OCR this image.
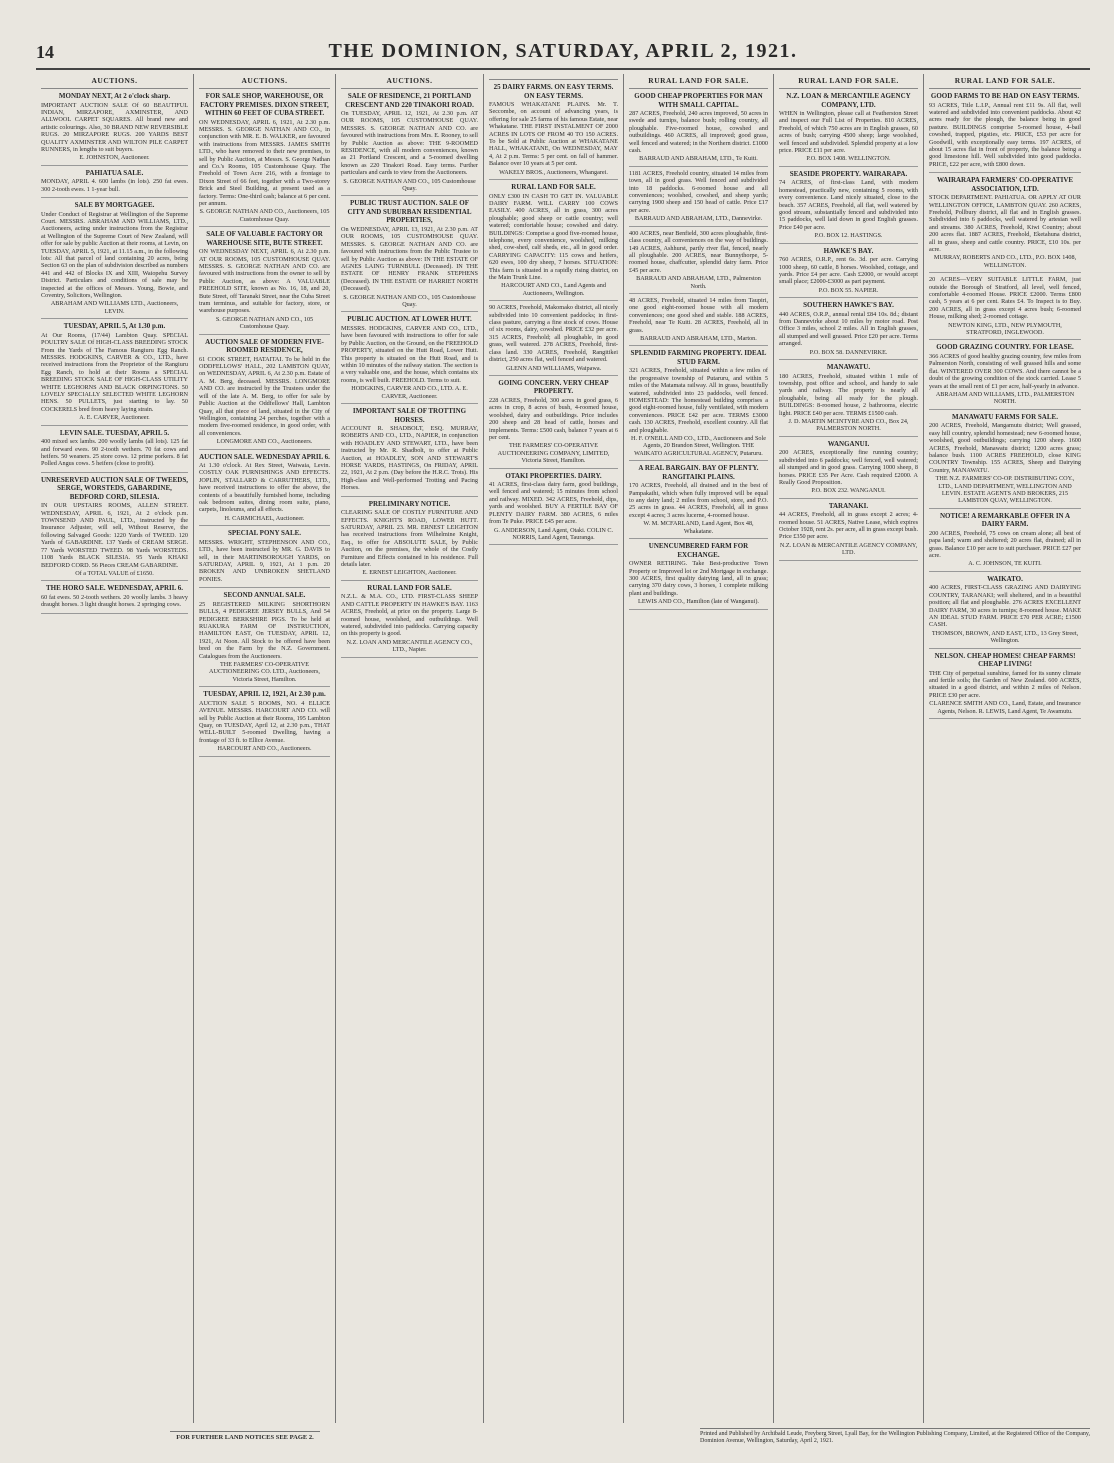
14	THE DOMINION, SATURDAY, APRIL 2, 1921.
AUCTIONS.
MONDAY NEXT, At 2 o'clock sharp.
IMPORTANT AUCTION SALE Of 60 BEAUTIFUL INDIAN, MIRZAPORE, AXMINSTER, AND ALLWOOL CARPET SQUARES. All brand new and artistic colourings. Also, 30 BRAND NEW REVERSIBLE RUGS. 20 MIRZAPORE RUGS. 200 YARDS BEST QUALITY AXMINSTER AND WILTON PILE CARPET RUNNERS, in lengths to suit buyers.
E. JOHNSTON, Auctioneer.
PAHIATUA SALE.
MONDAY, APRIL 4. 600 lambs (in lots). 250 fat ewes. 300 2-tooth ewes. 1 1-year bull.
SALE BY MORTGAGEE.
Under Conduct of Registrar at Wellington of the Supreme Court. MESSRS. ABRAHAM AND WILLIAMS, LTD., Auctioneers, acting under instructions from the Registrar at Wellington of the Supreme Court of New Zealand, will offer for sale by public Auction at their rooms, at Levin, on TUESDAY, APRIL 5, 1921, at 11.15 a.m., in the following lots: All that parcel of land containing 20 acres, being Section 63 on the plan of subdivision described as numbers 441 and 442 of Blocks IX and XIII, Waiopehu Survey District. Particulars and conditions of sale may be inspected at the offices of Messrs. Young, Bowie, and Coventry, Solicitors, Wellington.
ABRAHAM AND WILLIAMS LTD., Auctioneers, LEVIN.
TUESDAY, APRIL 5, At 1.30 p.m.
At Our Rooms, (17/44) Lambton Quay. SPECIAL POULTRY SALE Of HIGH-CLASS BREEDING STOCK From the Yards of The Famous Rangiuru Egg Ranch. MESSRS. HODGKINS, CARVER & CO., LTD., have received instructions from the Proprietor of the Rangiuru Egg Ranch, to hold at their Rooms a SPECIAL BREEDING STOCK SALE OF HIGH-CLASS UTILITY WHITE LEGHORNS AND BLACK ORPINGTONS. 50 LOVELY SPECIALLY SELECTED WHITE LEGHORN HENS. 50 PULLETS, just starting to lay. 50 COCKERELS bred from heavy laying strain.
A. E. CARVER, Auctioneer.
LEVIN SALE. TUESDAY, APRIL 5.
400 mixed sex lambs. 200 woolly lambs (all lots). 125 fat and forward ewes. 90 2-tooth wethers. 70 fat cows and heifers. 50 weaners. 25 store cows. 12 prime porkers. 8 fat Polled Angus cows. 5 heifers (close to profit).
UNRESERVED AUCTION SALE OF TWEEDS, SERGE, WORSTEDS, GABARDINE, BEDFORD CORD, SILESIA.
IN OUR UPSTAIRS ROOMS, ALLEN STREET. WEDNESDAY, APRIL 6, 1921, At 2 o'clock p.m. TOWNSEND AND PAUL, LTD., instructed by the Insurance Adjuster, will sell, Without Reserve, the following Salvaged Goods: 1220 Yards of TWEED. 120 Yards of GABARDINE. 137 Yards of CREAM SERGE. 77 Yards WORSTED TWEED. 98 Yards WORSTEDS. 1108 Yards BLACK SILESIA. 95 Yards KHAKI BEDFORD CORD. 56 Pieces CREAM GABARDINE.
Of a TOTAL VALUE of £1650.
THE HORO SALE. WEDNESDAY, APRIL 6.
60 fat ewes. 50 2-tooth wethers. 20 woolly lambs. 3 heavy draught horses. 3 light draught horses. 2 springing cows.
AUCTIONS.
FOR SALE SHOP, WAREHOUSE, OR FACTORY PREMISES. DIXON STREET, WITHIN 60 FEET OF CUBA STREET.
ON WEDNESDAY, APRIL 6, 1921, At 2.30 p.m. MESSRS. S. GEORGE NATHAN AND CO., in conjunction with MR. E. B. WALKER, are favoured with instructions from MESSRS. JAMES SMITH LTD., who have removed to their new premises, to sell by Public Auction, at Messrs. S. George Nathan and Co.'s Rooms, 105 Customhouse Quay. The Freehold of Town Acre 216, with a frontage to Dixon Street of 66 feet, together with a Two-storey Brick and Steel Building, at present used as a factory. Terms: One-third cash; balance at 6 per cent. per annum.
S. GEORGE NATHAN AND CO., Auctioneers, 105 Customhouse Quay.
SALE OF VALUABLE FACTORY OR WAREHOUSE SITE, BUTE STREET.
ON WEDNESDAY NEXT, APRIL 6, At 2.30 p.m. AT OUR ROOMS, 105 CUSTOMHOUSE QUAY. MESSRS. S. GEORGE NATHAN AND CO. are favoured with instructions from the owner to sell by Public Auction, as above: A VALUABLE FREEHOLD SITE, known as No. 16, 18, and 20, Bute Street, off Taranaki Street, near the Cuba Street tram terminus, and suitable for factory, store, or warehouse purposes.
S. GEORGE NATHAN AND CO., 105 Customhouse Quay.
AUCTION SALE OF MODERN FIVE-ROOMED RESIDENCE,
61 COOK STREET, HATAITAI. To be held in the ODDFELLOWS' HALL, 202 LAMBTON QUAY, on WEDNESDAY, APRIL 6, At 2.30 p.m. Estate of A. M. Berg, deceased. MESSRS. LONGMORE AND CO. are instructed by the Trustees under the will of the late A. M. Berg, to offer for sale by Public Auction at the Oddfellows' Hall, Lambton Quay, all that piece of land, situated in the City of Wellington, containing 24 perches, together with a modern five-roomed residence, in good order, with all conveniences.
LONGMORE AND CO., Auctioneers.
AUCTION SALE. WEDNESDAY APRIL 6.
At 1.30 o'clock. At Rex Street, Waiwaia, Levin. COSTLY OAK FURNISHINGS AND EFFECTS. JOPLIN, STALLARD & CARRUTHERS, LTD., have received instructions to offer the above, the contents of a beautifully furnished home, including oak bedroom suites, dining room suite, piano, carpets, linoleums, and all effects.
H. CARMICHAEL, Auctioneer.
SPECIAL PONY SALE.
MESSRS. WRIGHT, STEPHENSON AND CO., LTD., have been instructed by MR. G. DAVIS to sell, in their MARTINBOROUGH YARDS, on SATURDAY, APRIL 9, 1921, At 1 p.m. 20 BROKEN AND UNBROKEN SHETLAND PONIES.
SECOND ANNUAL SALE.
25 REGISTERED MILKING SHORTHORN BULLS, 4 PEDIGREE JERSEY BULLS, And 54 PEDIGREE BERKSHIRE PIGS. To be held at RUAKURA FARM OF INSTRUCTION, HAMILTON EAST, On TUESDAY, APRIL 12, 1921, At Noon. All Stock to be offered have been bred on the Farm by the N.Z. Government. Catalogues from the Auctioneers.
THE FARMERS' CO-OPERATIVE AUCTIONEERING CO. LTD., Auctioneers, Victoria Street, Hamilton.
TUESDAY, APRIL 12, 1921, At 2.30 p.m.
AUCTION SALE 5 ROOMS, NO. 4 ELLICE AVENUE. MESSRS. HARCOURT AND CO. will sell by Public Auction at their Rooms, 195 Lambton Quay, on TUESDAY, April 12, at 2.30 p.m., THAT WELL-BUILT 5-roomed Dwelling, having a frontage of 33 ft. to Ellice Avenue.
HARCOURT AND CO., Auctioneers.
AUCTIONS.
SALE OF RESIDENCE, 21 PORTLAND CRESCENT AND 220 TINAKORI ROAD.
On TUESDAY, APRIL 12, 1921, At 2.30 p.m. AT OUR ROOMS, 105 CUSTOMHOUSE QUAY. MESSRS. S. GEORGE NATHAN AND CO. are favoured with instructions from Mrs. E. Rooney, to sell by Public Auction as above: THE 9-ROOMED RESIDENCE, with all modern conveniences, known as 21 Portland Crescent, and a 5-roomed dwelling known as 220 Tinakori Road. Easy terms. Further particulars and cards to view from the Auctioneers.
S. GEORGE NATHAN AND CO., 105 Customhouse Quay.
PUBLIC TRUST AUCTION. SALE OF CITY AND SUBURBAN RESIDENTIAL PROPERTIES,
On WEDNESDAY, APRIL 13, 1921, At 2.30 p.m. AT OUR ROOMS, 105 CUSTOMHOUSE QUAY. MESSRS. S. GEORGE NATHAN AND CO. are favoured with instructions from the Public Trustee to sell by Public Auction as above: IN THE ESTATE OF AGNES LAING TURNBULL (Deceased). IN THE ESTATE OF HENRY FRANK STEPHENS (Deceased). IN THE ESTATE OF HARRIET NORTH (Deceased).
S. GEORGE NATHAN AND CO., 105 Customhouse Quay.
PUBLIC AUCTION. AT LOWER HUTT.
MESSRS. HODGKINS, CARVER AND CO., LTD., have been favoured with instructions to offer for sale by Public Auction, on the Ground, on the FREEHOLD PROPERTY, situated on the Hutt Road, Lower Hutt. This property is situated on the Hutt Road, and is within 10 minutes of the railway station. The section is a very valuable one, and the house, which contains six rooms, is well built. FREEHOLD. Terms to suit.
HODGKINS, CARVER AND CO., LTD. A. E. CARVER, Auctioneer.
IMPORTANT SALE OF TROTTING HORSES.
ACCOUNT R. SHADBOLT, ESQ. MURRAY, ROBERTS AND CO., LTD., NAPIER, in conjunction with HOADLEY AND STEWART, LTD., have been instructed by Mr. R. Shadbolt, to offer at Public Auction, at HOADLEY, SON AND STEWART'S HORSE YARDS, HASTINGS, On FRIDAY, APRIL 22, 1921, At 2 p.m. (Day before the H.R.C. Trots). His High-class and Well-performed Trotting and Pacing Horses.
PRELIMINARY NOTICE.
CLEARING SALE OF COSTLY FURNITURE AND EFFECTS. KNIGHT'S ROAD, LOWER HUTT. SATURDAY, APRIL 23. MR. ERNEST LEIGHTON has received instructions from Wilhelmine Knight, Esq., to offer for ABSOLUTE SALE, by Public Auction, on the premises, the whole of the Costly Furniture and Effects contained in his residence. Full details later.
E. ERNEST LEIGHTON, Auctioneer.
RURAL LAND FOR SALE.
N.Z.L. & M.A. CO., LTD. FIRST-CLASS SHEEP AND CATTLE PROPERTY IN HAWKE'S BAY. 1163 ACRES, Freehold, at price on the property. Large 8-roomed house, woolshed, and outbuildings. Well watered, subdivided into paddocks. Carrying capacity on this property is good.
N.Z. LOAN AND MERCANTILE AGENCY CO., LTD., Napier.
25 DAIRY FARMS. ON EASY TERMS. ON EASY TERMS.
FAMOUS WHAKATANE PLAINS. Mr. T. Seccombe, on account of advancing years, is offering for sale 25 farms of his famous Estate, near Whakatane. THE FIRST INSTALMENT OF 2000 ACRES IN LOTS OF FROM 40 TO 150 ACRES. To be Sold at Public Auction at WHAKATANE HALL, WHAKATANE, On WEDNESDAY, MAY 4, At 2 p.m. Terms: 5 per cent. on fall of hammer. Balance over 10 years at 5 per cent.
WAKELY BROS., Auctioneers, Whangarei.
RURAL LAND FOR SALE.
ONLY £300 IN CASH TO GET IN. VALUABLE DAIRY FARM. WILL CARRY 100 COWS EASILY. 400 ACRES, all in grass, 300 acres ploughable; good sheep or cattle country; well watered; comfortable house; cowshed and dairy. BUILDINGS: Comprise a good five-roomed house, telephone, every convenience, woolshed, milking shed, cow-shed, calf sheds, etc., all in good order. CARRYING CAPACITY: 115 cows and heifers, 620 ewes, 100 dry sheep, 7 horses. SITUATION: This farm is situated in a rapidly rising district, on the Main Trunk Line.
HARCOURT AND CO., Land Agents and Auctioneers, Wellington.
90 ACRES, Freehold, Makomako district, all nicely subdivided into 10 convenient paddocks; in first-class pasture, carrying a fine stock of cows. House of six rooms, dairy, cowshed. PRICE £32 per acre. 315 ACRES, Freehold; all ploughable, in good grass, well watered. 278 ACRES, Freehold, first-class land. 330 ACRES, Freehold, Rangitikei district, 250 acres flat, well fenced and watered.
GLENN AND WILLIAMS, Waipawa.
GOING CONCERN. VERY CHEAP PROPERTY.
228 ACRES, Freehold, 300 acres in good grass, 6 acres in crop, 8 acres of bush, 4-roomed house, woolshed, dairy and outbuildings. Price includes 200 sheep and 28 head of cattle, horses and implements. Terms: £500 cash, balance 7 years at 6 per cent.
THE FARMERS' CO-OPERATIVE AUCTIONEERING COMPANY, LIMITED, Victoria Street, Hamilton.
OTAKI PROPERTIES. DAIRY.
41 ACRES, first-class dairy farm, good buildings, well fenced and watered; 15 minutes from school and railway. MIXED. 342 ACRES, Freehold, dips, yards and woolshed. BUY A FERTILE BAY OF PLENTY DAIRY FARM. 380 ACRES, 6 miles from Te Puke. PRICE £45 per acre.
G. ANDERSON, Land Agent, Otaki. COLIN C. NORRIS, Land Agent, Tauranga.
RURAL LAND FOR SALE.
GOOD CHEAP PROPERTIES FOR MAN WITH SMALL CAPITAL.
287 ACRES, Freehold, 240 acres improved, 50 acres in swede and turnips, balance bush; rolling country, all ploughable. Five-roomed house, cowshed and outbuildings. 460 ACRES, all improved; good grass, well fenced and watered; in the Northern district. £1000 cash.
BARRAUD AND ABRAHAM, LTD., Te Kuiti.
1181 ACRES, Freehold country, situated 14 miles from town, all in good grass. Well fenced and subdivided into 18 paddocks. 6-roomed house and all conveniences; woolshed, cowshed, and sheep yards; carrying 1900 sheep and 150 head of cattle. Price £17 per acre.
BARRAUD AND ABRAHAM, LTD., Dannevirke.
400 ACRES, near Benfield, 300 acres ploughable, first-class country, all conveniences on the way of buildings. 149 ACRES, Ashhurst, partly river flat, fenced, nearly all ploughable. 200 ACRES, near Bunnythorpe, 5-roomed house, chaffcutter, splendid dairy farm. Price £45 per acre.
BARRAUD AND ABRAHAM, LTD., Palmerston North.
48 ACRES, Freehold, situated 14 miles from Taupiri, one good eight-roomed house with all modern conveniences; one good shed and stable. 188 ACRES, Freehold, near Te Kuiti. 28 ACRES, Freehold, all in grass.
BARRAUD AND ABRAHAM, LTD., Marton.
SPLENDID FARMING PROPERTY. IDEAL STUD FARM.
321 ACRES, Freehold, situated within a few miles of the progressive township of Putaruru, and within 5 miles of the Matamata railway. All in grass, beautifully watered, subdivided into 23 paddocks, well fenced. HOMESTEAD: The homestead building comprises a good eight-roomed house, fully ventilated, with modern conveniences. PRICE £42 per acre. TERMS £3000 cash. 130 ACRES, Freehold, excellent country. All flat and ploughable.
H. F. O'NEILL AND CO., LTD., Auctioneers and Sole Agents, 20 Brandon Street, Wellington. THE WAIKATO AGRICULTURAL AGENCY, Putaruru.
A REAL BARGAIN. BAY OF PLENTY. RANGITAIKI PLAINS.
170 ACRES, Freehold, all drained and in the best of Pampakaihi, which when fully improved will be equal to any dairy land; 2 miles from school, store, and P.O. 25 acres in grass. 44 ACRES, Freehold, all in grass except 4 acres; 3 acres lucerne, 4-roomed house.
W. M. MCFARLAND, Land Agent, Box 48, Whakatane.
UNENCUMBERED FARM FOR EXCHANGE.
OWNER RETIRING. Take Best-productive Town Property or Improved lot or 2nd Mortgage in exchange. 300 ACRES, first quality dairying land, all in grass; carrying 370 dairy cows, 3 horses, 1 complete milking plant and buildings.
LEWIS AND CO., Hamilton (late of Wanganui).
RURAL LAND FOR SALE.
N.Z. LOAN & MERCANTILE AGENCY COMPANY, LTD.
WHEN in Wellington, please call at Featherston Street and inspect our Full List of Properties. 810 ACRES, Freehold, of which 750 acres are in English grasses, 60 acres of bush; carrying 4500 sheep; large woolshed, well fenced and subdivided. Splendid property at a low price. PRICE £11 per acre.
P.O. BOX 1408. WELLINGTON.
SEASIDE PROPERTY. WAIRARAPA.
74 ACRES, of first-class Land, with modern homestead, practically new, containing 5 rooms, with every convenience. Land nicely situated, close to the beach. 357 ACRES, Freehold, all flat, well watered by good stream, substantially fenced and subdivided into 15 paddocks, well laid down in good English grasses. Price £40 per acre.
P.O. BOX 12. HASTINGS.
HAWKE'S BAY.
760 ACRES, O.R.P., rent 6s. 3d. per acre. Carrying 1000 sheep, 60 cattle, 8 horses. Woolshed, cottage, and yards. Price £4 per acre. Cash £2000, or would accept small place; £2000-£3000 as part payment.
P.O. BOX 55. NAPIER.
SOUTHERN HAWKE'S BAY.
440 ACRES, O.R.P., annual rental £84 10s. 8d.; distant from Dannevirke about 10 miles by motor road. Post Office 3 miles, school 2 miles. All in English grasses, all stumped and well grassed. Price £20 per acre. Terms arranged.
P.O. BOX 58. DANNEVIRKE.
MANAWATU.
180 ACRES, Freehold, situated within 1 mile of township, post office and school, and handy to sale yards and railway. The property is nearly all ploughable, being all ready for the plough. BUILDINGS: 8-roomed house, 2 bathrooms, electric light. PRICE £40 per acre. TERMS £1500 cash.
J. D. MARTIN MCINTYRE AND CO., Box 24, PALMERSTON NORTH.
WANGANUI.
200 ACRES, exceptionally fine running country; subdivided into 6 paddocks; well fenced, well watered; all stumped and in good grass. Carrying 1000 sheep, 8 horses. PRICE £35 Per Acre. Cash required £2000. A Really Good Proposition.
P.O. BOX 232. WANGANUI.
TARANAKI.
44 ACRES, Freehold, all in grass except 2 acres; 4-roomed house. 51 ACRES, Native Lease, which expires October 1928, rent 2s. per acre, all in grass except bush. Price £350 per acre.
N.Z. LOAN & MERCANTILE AGENCY COMPANY, LTD.
RURAL LAND FOR SALE.
GOOD FARMS TO BE HAD ON EASY TERMS.
93 ACRES, Title L.I.P., Annual rent £11 9s. All flat, well watered and subdivided into convenient paddocks. About 42 acres ready for the plough, the balance being in good pasture. BUILDINGS comprise 5-roomed house, 4-bail cowshed, trapped, pigsties, etc. PRICE, £53 per acre for Goodwill, with exceptionally easy terms. 197 ACRES, of about 15 acres flat in front of property, the balance being a good limestone hill. Well subdivided into good paddocks. PRICE, £22 per acre, with £800 down.
WAIRARAPA FARMERS' CO-OPERATIVE ASSOCIATION, LTD.
STOCK DEPARTMENT. PAHIATUA. OR APPLY AT OUR WELLINGTON OFFICE, LAMBTON QUAY. 260 ACRES, Freehold, Pollbury district, all flat and in English grasses. Subdivided into 6 paddocks, well watered by artesian well and streams. 380 ACRES, Freehold, Kiwi Country; about 200 acres flat. 1887 ACRES, Freehold, Eketahuna district, all in grass, sheep and cattle country. PRICE, £10 10s. per acre.
MURRAY, ROBERTS AND CO., LTD., P.O. BOX 1408, WELLINGTON.
20 ACRES—VERY SUITABLE LITTLE FARM, just outside the Borough of Stratford, all level, well fenced, comfortable 4-roomed House. PRICE £2000. Terms £800 cash, 5 years at 6 per cent. Rates £4. To Inspect is to Buy. 200 ACRES, all in grass except 4 acres bush; 6-roomed House, milking shed; 2-roomed cottage.
NEWTON KING, LTD., NEW PLYMOUTH, STRATFORD, INGLEWOOD.
GOOD GRAZING COUNTRY. FOR LEASE.
366 ACRES of good healthy grazing country, few miles from Palmerston North, consisting of well grassed hills and some flat. WINTERED OVER 300 COWS. And there cannot be a doubt of the growing condition of the stock carried. Lease 5 years at the small rent of £1 per acre, half-yearly in advance.
ABRAHAM AND WILLIAMS, LTD., PALMERSTON NORTH.
MANAWATU FARMS FOR SALE.
200 ACRES, Freehold, Mangamutu district; Well grassed, easy hill country, splendid homestead; new 6-roomed house, woolshed, good outbuildings; carrying 1200 sheep. 1600 ACRES, Freehold, Manawatu district; 1200 acres grass; balance bush. 1100 ACRES FREEHOLD, close KING COUNTRY Township. 155 ACRES, Sheep and Dairying Country, MANAWATU.
THE N.Z. FARMERS' CO-OP. DISTRIBUTING COY., LTD., LAND DEPARTMENT, WELLINGTON AND LEVIN. ESTATE AGENTS AND BROKERS, 215 LAMBTON QUAY, WELLINGTON.
NOTICE! A REMARKABLE OFFER IN A DAIRY FARM.
200 ACRES, Freehold, 75 cows on cream alone; all best of papa land; warm and sheltered; 20 acres flat, drained; all in grass. Balance £10 per acre to suit purchaser. PRICE £27 per acre.
A. C. JOHNSON, TE KUITI.
WAIKATO.
400 ACRES, FIRST-CLASS GRAZING AND DAIRYING COUNTRY, TARANAKI; well sheltered, and in a beautiful position; all flat and ploughable. 276 ACRES EXCELLENT DAIRY FARM, 30 acres in turnips; 8-roomed house. MAKE AN IDEAL STUD FARM. PRICE £70 PER ACRE; £1500 CASH.
THOMSON, BROWN, AND EAST, LTD., 13 Grey Street, Wellington.
NELSON. CHEAP HOMES! CHEAP FARMS! CHEAP LIVING!
THE City of perpetual sunshine, famed for its sunny climate and fertile soils; the Garden of New Zealand. 600 ACRES, situated in a good district, and within 2 miles of Nelson. PRICE £30 per acre.
CLARENCE SMITH AND CO., Land, Estate, and Insurance Agents, Nelson. R. LEWIS, Land Agent, Te Awamutu.
FOR FURTHER LAND NOTICES SEE PAGE 2.	Printed and Published by Archibald Leude, Freyberg Street, Lyall Bay, for the Wellington Publishing Company, Limited, at the Registered Office of the Company, Dominion Avenue, Wellington, Saturday, April 2, 1921.
